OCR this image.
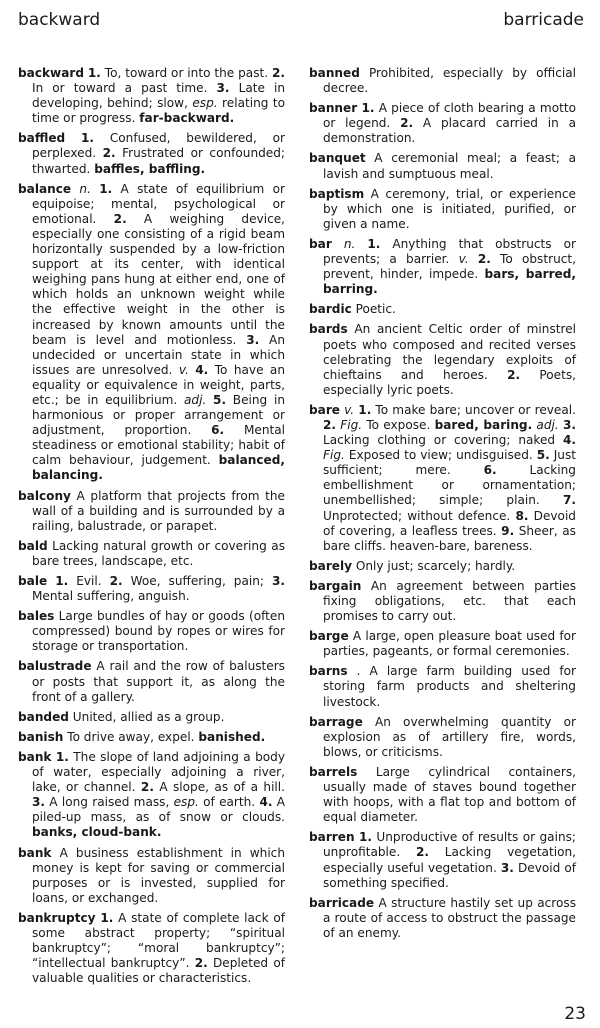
backward	barricade

backward 1. To, toward or into the past. 2. In or toward a past time. 3. Late in developing, behind; slow, esp. relating to time or progress. far-backward.

baffled 1. Confused, bewildered, or perplexed. 2. Frustrated or confounded; thwarted. baffles, baffling.

balance n. 1. A state of equilibrium or equipoise; mental, psychological or emotional. 2. A weighing device, especially one consisting of a rigid beam horizontally suspended by a low-friction support at its center, with identical weighing pans hung at either end, one of which holds an unknown weight while the effective weight in the other is increased by known amounts until the beam is level and motionless. 3. An undecided or uncertain state in which issues are unresolved. v. 4. To have an equality or equivalence in weight, parts, etc.; be in equilibrium. adj. 5. Being in harmonious or proper arrangement or adjustment, proportion. 6. Mental steadiness or emotional stability; habit of calm behaviour, judgement. balanced, balancing.

balcony A platform that projects from the wall of a building and is surrounded by a railing, balustrade, or parapet.

bald Lacking natural growth or covering as bare trees, landscape, etc.

bale 1. Evil. 2. Woe, suffering, pain; 3. Mental suffering, anguish.

bales Large bundles of hay or goods (often compressed) bound by ropes or wires for storage or transportation.

balustrade A rail and the row of balusters or posts that support it, as along the front of a gallery.

banded United, allied as a group.

banish To drive away, expel. banished.

bank 1. The slope of land adjoining a body of water, especially adjoining a river, lake, or channel. 2. A slope, as of a hill. 3. A long raised mass, esp. of earth. 4. A piled-up mass, as of snow or clouds. banks, cloud-bank.

bank A business establishment in which money is kept for saving or commercial purposes or is invested, supplied for loans, or exchanged.

bankruptcy 1. A state of complete lack of some abstract property; “spiritual bankruptcy”; “moral bankruptcy”; “intellectual bankruptcy”. 2. Depleted of valuable qualities or characteristics.

banned Prohibited, especially by official decree.

banner 1. A piece of cloth bearing a motto or legend. 2. A placard carried in a demonstration.

banquet A ceremonial meal; a feast; a lavish and sumptuous meal.

baptism A ceremony, trial, or experience by which one is initiated, purified, or given a name.

bar n. 1. Anything that obstructs or prevents; a barrier. v. 2. To obstruct, prevent, hinder, impede. bars, barred, barring.

bardic Poetic.

bards An ancient Celtic order of minstrel poets who composed and recited verses celebrating the legendary exploits of chieftains and heroes. 2. Poets, especially lyric poets.

bare v. 1. To make bare; uncover or reveal. 2. Fig. To expose. bared, baring. adj. 3. Lacking clothing or covering; naked 4. Fig. Exposed to view; undisguised. 5. Just sufficient; mere. 6. Lacking embellishment or ornamentation; unembellished; simple; plain. 7. Unprotected; without defence. 8. Devoid of covering, a leafless trees. 9. Sheer, as bare cliffs. heaven-bare, bareness.

barely Only just; scarcely; hardly.

bargain An agreement between parties fixing obligations, etc. that each promises to carry out.

barge A large, open pleasure boat used for parties, pageants, or formal ceremonies.

barns . A large farm building used for storing farm products and sheltering livestock.

barrage An overwhelming quantity or explosion as of artillery fire, words, blows, or criticisms.

barrels Large cylindrical containers, usually made of staves bound together with hoops, with a flat top and bottom of equal diameter.

barren 1. Unproductive of results or gains; unprofitable. 2. Lacking vegetation, especially useful vegetation. 3. Devoid of something specified.

barricade A structure hastily set up across a route of access to obstruct the passage of an enemy.

23
